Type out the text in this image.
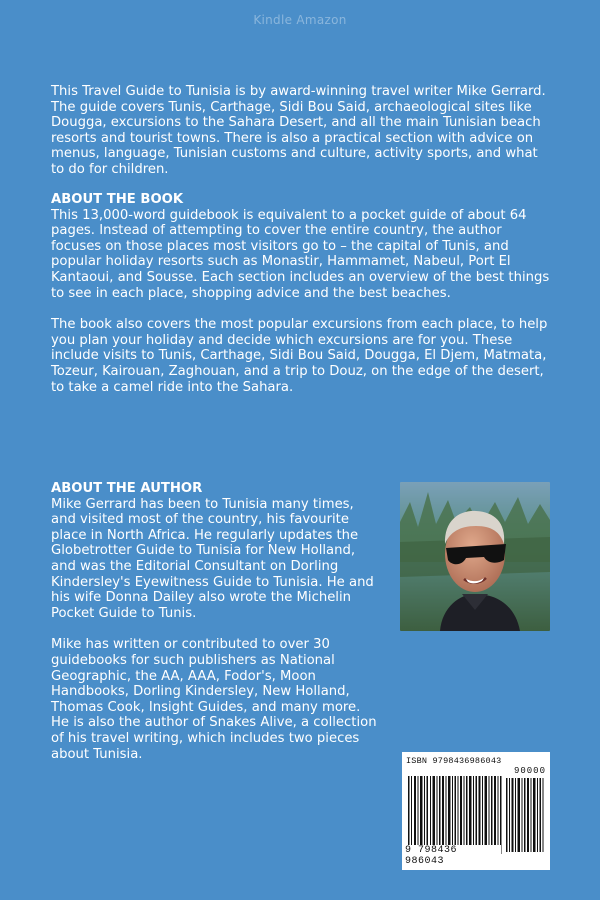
Kindle Amazon

This Travel Guide to Tunisia is by award-winning travel writer Mike Gerrard. The guide covers Tunis, Carthage, Sidi Bou Said, archaeological sites like Dougga, excursions to the Sahara Desert, and all the main Tunisian beach resorts and tourist towns. There is also a practical section with advice on menus, language, Tunisian customs and culture, activity sports, and what to do for children.

ABOUT THE BOOK

This 13,000-word guidebook is equivalent to a pocket guide of about 64 pages. Instead of attempting to cover the entire country, the author focuses on those places most visitors go to – the capital of Tunis, and popular holiday resorts such as Monastir, Hammamet, Nabeul, Port El Kantaoui, and Sousse. Each section includes an overview of the best things to see in each place, shopping advice and the best beaches.

The book also covers the most popular excursions from each place, to help you plan your holiday and decide which excursions are for you. These include visits to Tunis, Carthage, Sidi Bou Said, Dougga, El Djem, Matmata, Tozeur, Kairouan, Zaghouan, and a trip to Douz, on the edge of the desert, to take a camel ride into the Sahara.

ABOUT THE AUTHOR

Mike Gerrard has been to Tunisia many times, and visited most of the country, his favourite place in North Africa. He regularly updates the Globetrotter Guide to Tunisia for New Holland, and was the Editorial Consultant on Dorling Kindersley's Eyewitness Guide to Tunisia. He and his wife Donna Dailey also wrote the Michelin Pocket Guide to Tunis.

Mike has written or contributed to over 30 guidebooks for such publishers as National Geographic, the AA, AAA, Fodor's, Moon Handbooks, Dorling Kindersley, New Holland, Thomas Cook, Insight Guides, and many more. He is also the author of Snakes Alive, a collection of his travel writing, which includes two pieces about Tunisia.	ISBN 9798436986043
90000
9 798436 986043
